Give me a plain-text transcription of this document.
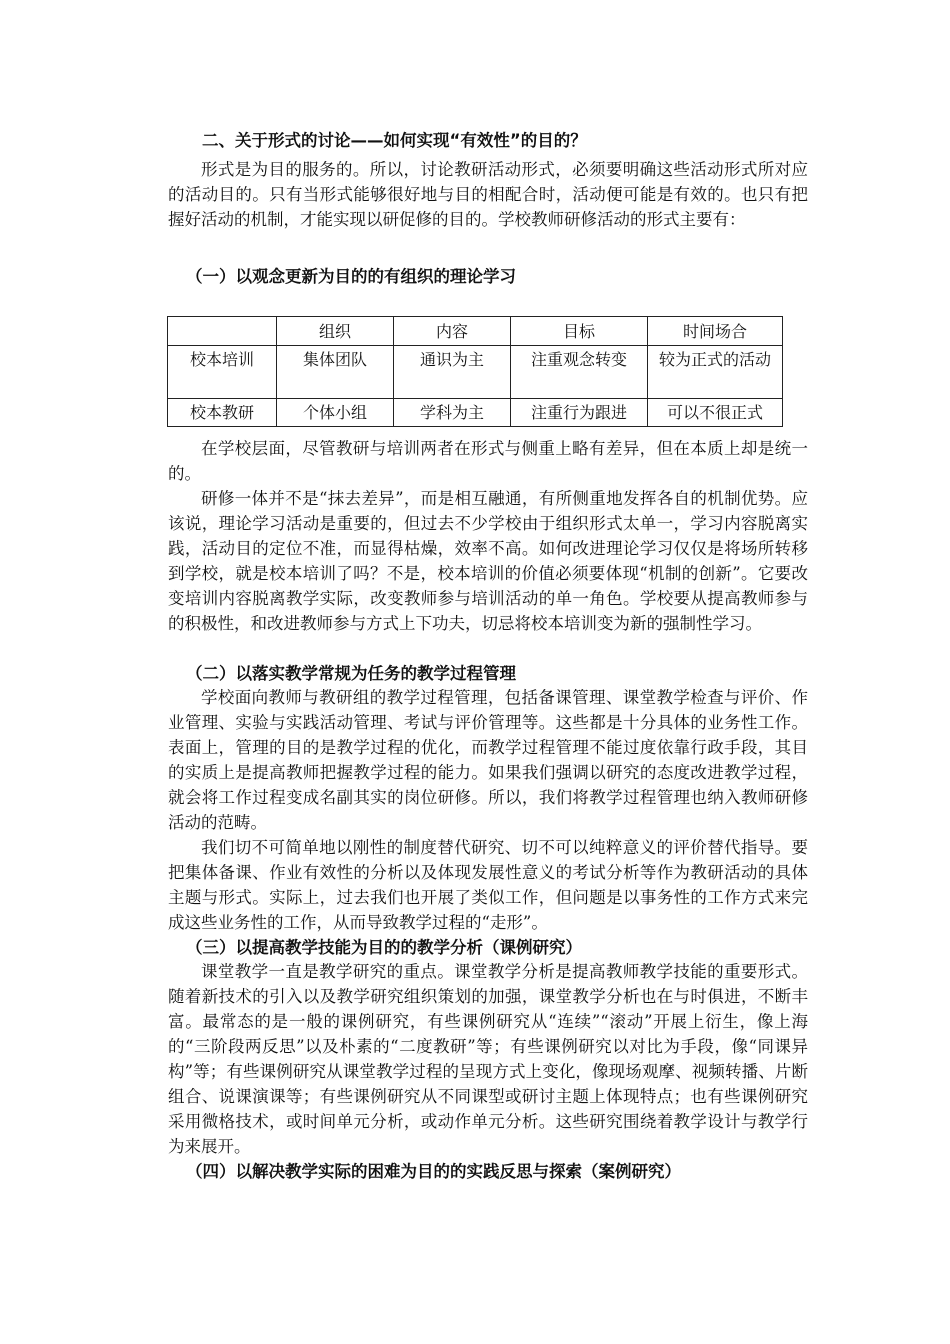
二、关于形式的讨论——如何实现“有效性”的目的？

形式是为目的服务的。所以，讨论教研活动形式，必须要明确这些活动形式所对应的活动目的。只有当形式能够很好地与目的相配合时，活动便可能是有效的。也只有把握好活动的机制，才能实现以研促修的目的。学校教师研修活动的形式主要有：

（一）以观念更新为目的的有组织的理论学习
	组织	内容	目标	时间场合
校本培训	集体团队	通识为主	注重观念转变	较为正式的活动
校本教研	个体小组	学科为主	注重行为跟进	可以不很正式

在学校层面，尽管教研与培训两者在形式与侧重上略有差异，但在本质上却是统一的。

研修一体并不是“抹去差异”，而是相互融通，有所侧重地发挥各自的机制优势。应该说，理论学习活动是重要的，但过去不少学校由于组织形式太单一，学习内容脱离实践，活动目的定位不准，而显得枯燥，效率不高。如何改进理论学习仅仅是将场所转移到学校，就是校本培训了吗？不是，校本培训的价值必须要体现“机制的创新”。它要改变培训内容脱离教学实际，改变教师参与培训活动的单一角色。学校要从提高教师参与的积极性，和改进教师参与方式上下功夫，切忌将校本培训变为新的强制性学习。

（二）以落实教学常规为任务的教学过程管理

学校面向教师与教研组的教学过程管理，包括备课管理、课堂教学检查与评价、作业管理、实验与实践活动管理、考试与评价管理等。这些都是十分具体的业务性工作。表面上，管理的目的是教学过程的优化，而教学过程管理不能过度依靠行政手段，其目的实质上是提高教师把握教学过程的能力。如果我们强调以研究的态度改进教学过程，就会将工作过程变成名副其实的岗位研修。所以，我们将教学过程管理也纳入教师研修活动的范畴。

我们切不可简单地以刚性的制度替代研究、切不可以纯粹意义的评价替代指导。要把集体备课、作业有效性的分析以及体现发展性意义的考试分析等作为教研活动的具体主题与形式。实际上，过去我们也开展了类似工作，但问题是以事务性的工作方式来完成这些业务性的工作，从而导致教学过程的“走形”。

（三）以提高教学技能为目的的教学分析（课例研究）

课堂教学一直是教学研究的重点。课堂教学分析是提高教师教学技能的重要形式。随着新技术的引入以及教学研究组织策划的加强，课堂教学分析也在与时俱进，不断丰富。最常态的是一般的课例研究，有些课例研究从“连续”“滚动”开展上衍生，像上海的“三阶段两反思”以及朴素的“二度教研”等；有些课例研究以对比为手段，像“同课异构”等；有些课例研究从课堂教学过程的呈现方式上变化，像现场观摩、视频转播、片断组合、说课演课等；有些课例研究从不同课型或研讨主题上体现特点；也有些课例研究采用微格技术，或时间单元分析，或动作单元分析。这些研究围绕着教学设计与教学行为来展开。

（四）以解决教学实际的困难为目的的实践反思与探索（案例研究）
